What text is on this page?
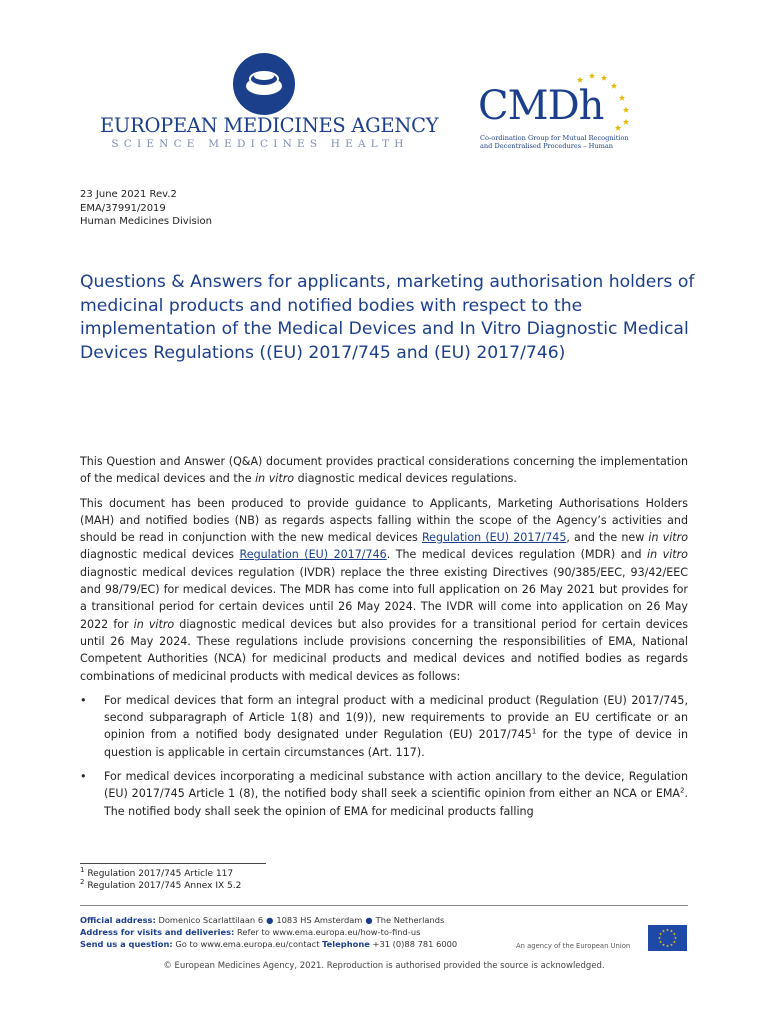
EUROPEAN MEDICINES AGENCY
SCIENCE MEDICINES HEALTH
CMDh
Co-ordination Group for Mutual Recognition and Decentralised Procedures – Human
23 June 2021 Rev.2
EMA/37991/2019
Human Medicines Division
Questions & Answers for applicants, marketing authorisation holders of medicinal products and notified bodies with respect to the implementation of the Medical Devices and In Vitro Diagnostic Medical Devices Regulations ((EU) 2017/745 and (EU) 2017/746)

This Question and Answer (Q&A) document provides practical considerations concerning the implementation of the medical devices and the in vitro diagnostic medical devices regulations.

This document has been produced to provide guidance to Applicants, Marketing Authorisations Holders (MAH) and notified bodies (NB) as regards aspects falling within the scope of the Agency’s activities and should be read in conjunction with the new medical devices Regulation (EU) 2017/745, and the new in vitro diagnostic medical devices Regulation (EU) 2017/746. The medical devices regulation (MDR) and in vitro diagnostic medical devices regulation (IVDR) replace the three existing Directives (90/385/EEC, 93/42/EEC and 98/79/EC) for medical devices. The MDR has come into full application on 26 May 2021 but provides for a transitional period for certain devices until 26 May 2024. The IVDR will come into application on 26 May 2022 for in vitro diagnostic medical devices but also provides for a transitional period for certain devices until 26 May 2024. These regulations include provisions concerning the responsibilities of EMA, National Competent Authorities (NCA) for medicinal products and medical devices and notified bodies as regards combinations of medicinal products with medical devices as follows:

• For medical devices that form an integral product with a medicinal product (Regulation (EU) 2017/745, second subparagraph of Article 1(8) and 1(9)), new requirements to provide an EU certificate or an opinion from a notified body designated under Regulation (EU) $2017/745^1$ for the type of device in question is applicable in certain circumstances (Art. 117).
• For medical devices incorporating a medicinal substance with action ancillary to the device, Regulation (EU) 2017/745 Article 1 (8), the notified body shall seek a scientific opinion from either an NCA or EMA$^2$. The notified body shall seek the opinion of EMA for medicinal products falling
$^1$ Regulation 2017/745 Article 117
$^2$ Regulation 2017/745 Annex IX 5.2
Official address: Domenico Scarlattilaan 6 ● 1083 HS Amsterdam ● The Netherlands
Address for visits and deliveries: Refer to www.ema.europa.eu/how-to-find-us
Send us a question: Go to www.ema.europa.eu/contact Telephone +31 (0)88 781 6000	An agency of the European Union
© European Medicines Agency, 2021. Reproduction is authorised provided the source is acknowledged.
